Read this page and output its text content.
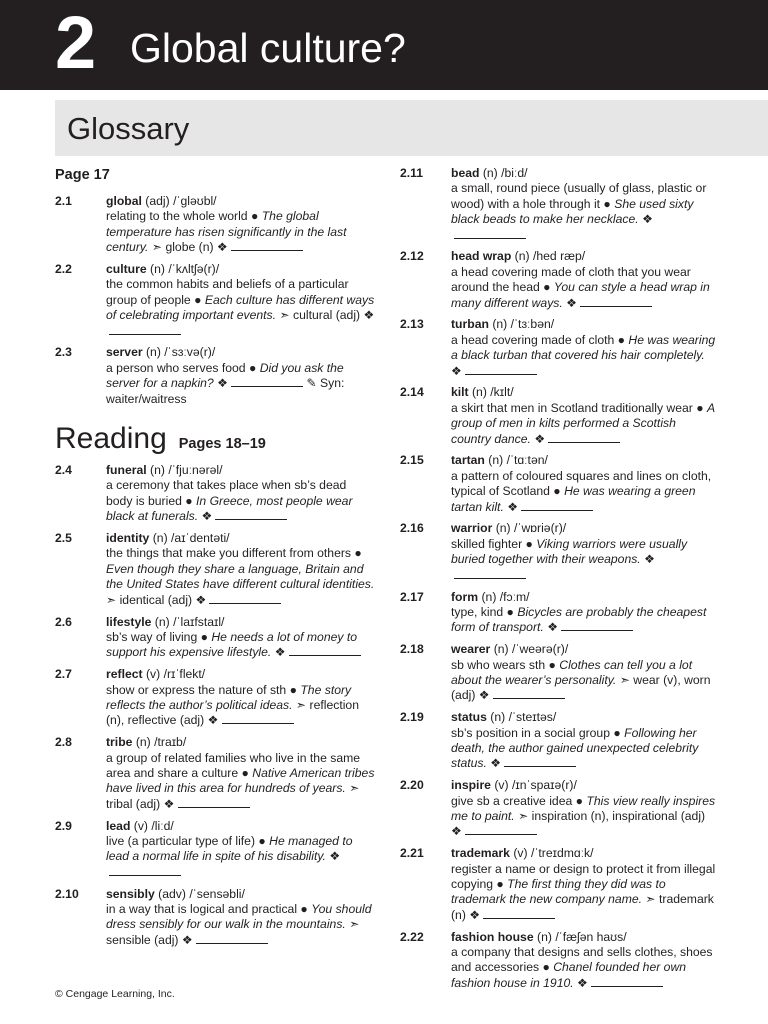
2 Global culture?
Glossary
Page 17
2.1	global (adj) /ˈɡləʊbl/
relating to the whole world ● The global temperature has risen significantly in the last century. ➣ globe (n) ❖
2.2	culture (n) /ˈkʌltʃə(r)/
the common habits and beliefs of a particular group of people ● Each culture has different ways of celebrating important events. ➣ cultural (adj) ❖
2.3	server (n) /ˈsɜːvə(r)/
a person who serves food ● Did you ask the server for a napkin? ❖	✎ Syn: waiter/waitress
Reading Pages 18–19
2.4	funeral (n) /ˈfjuːnərəl/
a ceremony that takes place when sb’s dead body is buried ● In Greece, most people wear black at funerals. ❖
2.5	identity (n) /aɪˈdentəti/
the things that make you different from others ● Even though they share a language, Britain and the United States have different cultural identities. ➣ identical (adj) ❖
2.6	lifestyle (n) /ˈlaɪfstaɪl/
sb’s way of living ● He needs a lot of money to support his expensive lifestyle. ❖
2.7	reflect (v) /rɪˈflekt/
show or express the nature of sth ● The story reflects the author’s political ideas. ➣ reflection (n), reflective (adj) ❖
2.8	tribe (n) /traɪb/
a group of related families who live in the same area and share a culture ● Native American tribes have lived in this area for hundreds of years. ➣ tribal (adj) ❖
2.9	lead (v) /liːd/
live (a particular type of life) ● He managed to lead a normal life in spite of his disability. ❖
2.10	sensibly (adv) /ˈsensəbli/
in a way that is logical and practical ● You should dress sensibly for our walk in the mountains. ➣ sensible (adj) ❖
2.11	bead (n) /biːd/
a small, round piece (usually of glass, plastic or wood) with a hole through it ● She used sixty black beads to make her necklace. ❖
2.12	head wrap (n) /hed ræp/
a head covering made of cloth that you wear around the head ● You can style a head wrap in many different ways. ❖
2.13	turban (n) /ˈtɜːbən/
a head covering made of cloth ● He was wearing a black turban that covered his hair completely. ❖
2.14	kilt (n) /kɪlt/
a skirt that men in Scotland traditionally wear ● A group of men in kilts performed a Scottish country dance. ❖
2.15	tartan (n) /ˈtɑːtən/
a pattern of coloured squares and lines on cloth, typical of Scotland ● He was wearing a green tartan kilt. ❖
2.16	warrior (n) /ˈwɒriə(r)/
skilled fighter ● Viking warriors were usually buried together with their weapons. ❖
2.17	form (n) /fɔːm/
type, kind ● Bicycles are probably the cheapest form of transport. ❖
2.18	wearer (n) /ˈweərə(r)/
sb who wears sth ● Clothes can tell you a lot about the wearer’s personality. ➣ wear (v), worn (adj) ❖
2.19	status (n) /ˈsteɪtəs/
sb’s position in a social group ● Following her death, the author gained unexpected celebrity status. ❖
2.20	inspire (v) /ɪnˈspaɪə(r)/
give sb a creative idea ● This view really inspires me to paint. ➣ inspiration (n), inspirational (adj) ❖
2.21	trademark (v) /ˈtreɪdmɑːk/
register a name or design to protect it from illegal copying ● The first thing they did was to trademark the new company name. ➣ trademark (n) ❖
2.22	fashion house (n) /ˈfæʃən haʊs/
a company that designs and sells clothes, shoes and accessories ● Chanel founded her own fashion house in 1910. ❖
© Cengage Learning, Inc.
